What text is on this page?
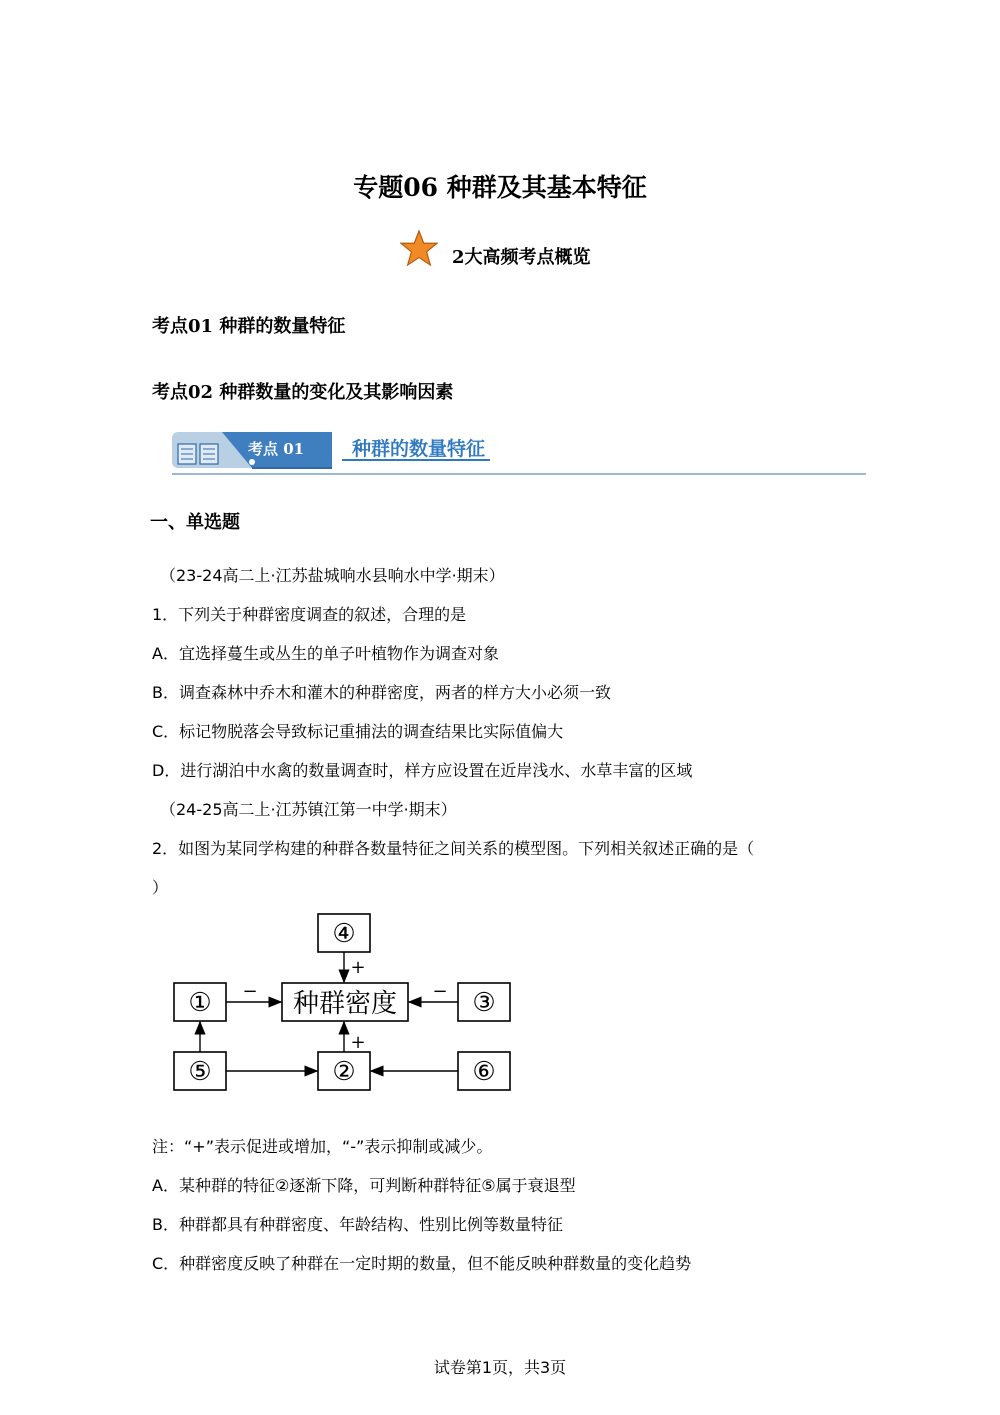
专题06 种群及其基本特征
2大高频考点概览
考点01 种群的数量特征
考点02 种群数量的变化及其影响因素
考点 01	种群的数量特征
一、单选题
（23-24高二上·江苏盐城响水县响水中学·期末）
1．下列关于种群密度调查的叙述，合理的是
A．宜选择蔓生或丛生的单子叶植物作为调查对象
B．调查森林中乔木和灌木的种群密度，两者的样方大小必须一致
C．标记物脱落会导致标记重捕法的调查结果比实际值偏大
D．进行湖泊中水禽的数量调查时，样方应设置在近岸浅水、水草丰富的区域
（24-25高二上·江苏镇江第一中学·期末）
2．如图为某同学构建的种群各数量特征之间关系的模型图。下列相关叙述正确的是（
）
④
种群密度
①	③
⑤	②	⑥
+
+
−	−
注：“+”表示促进或增加，“-”表示抑制或减少。
A．某种群的特征②逐渐下降，可判断种群特征⑤属于衰退型
B．种群都具有种群密度、年龄结构、性别比例等数量特征
C．种群密度反映了种群在一定时期的数量，但不能反映种群数量的变化趋势
试卷第1页，共3页
